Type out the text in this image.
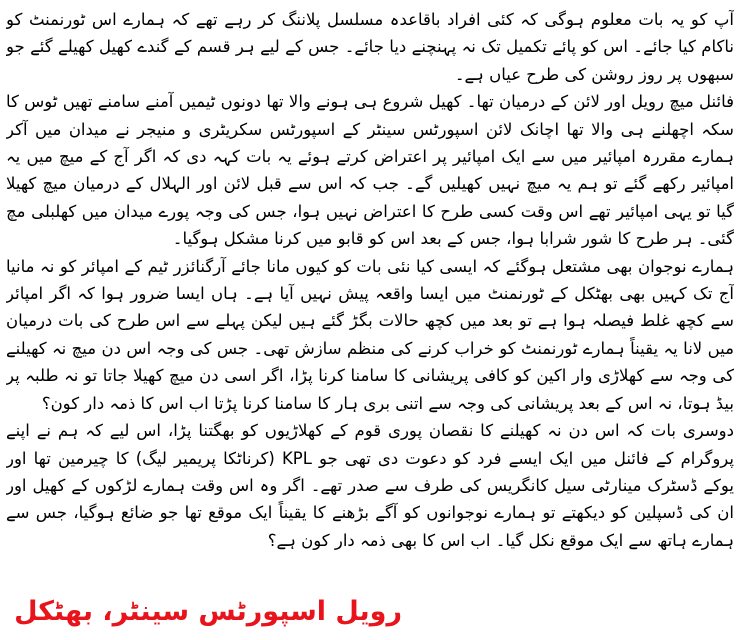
آپ کو یہ بات معلوم ہوگی کہ کئی افراد باقاعدہ مسلسل پلاننگ کر رہے تھے کہ ہمارے اس ٹورنمنٹ کو ناکام کیا جائے۔ اس کو پائے تکمیل تک نہ پہنچنے دیا جائے۔ جس کے لیے ہر قسم کے گندے کھیل کھیلے گئے جو سبھوں پر روز روشن کی طرح عیاں ہے۔

فائنل میچ رویل اور لائن کے درمیان تھا۔ کھیل شروع ہی ہونے والا تھا دونوں ٹیمیں آمنے سامنے تھیں ٹوس کا سکہ اچھلنے ہی والا تھا اچانک لائن اسپورٹس سینٹر کے اسپورٹس سکریٹری و منیجر نے میدان میں آکر ہمارے مقررہ امپائیر میں سے ایک امپائیر پر اعتراض کرتے ہوئے یہ بات کہہ دی کہ اگر آج کے میچ میں یہ امپائیر رکھے گئے تو ہم یہ میچ نہیں کھیلیں گے۔ جب کہ اس سے قبل لائن اور الہلال کے درمیان میچ کھیلا گیا تو یہی امپائیر تھے اس وقت کسی طرح کا اعتراض نہیں ہوا، جس کی وجہ پورے میدان میں کھلبلی مچ گئی۔ ہر طرح کا شور شرابا ہوا، جس کے بعد اس کو قابو میں کرنا مشکل ہوگیا۔

ہمارے نوجوان بھی مشتعل ہوگئے کہ ایسی کیا نئی بات کو کیوں مانا جائے آرگنائزر ٹیم کے امپائر کو نہ مانیا آج تک کہیں بھی بھٹکل کے ٹورنمنٹ میں ایسا واقعہ پیش نہیں آیا ہے۔ ہاں ایسا ضرور ہوا کہ اگر امپائر سے کچھ غلط فیصلہ ہوا ہے تو بعد میں کچھ حالات بگڑ گئے ہیں لیکن پہلے سے اس طرح کی بات درمیان میں لانا یہ یقیناً ہمارے ٹورنمنٹ کو خراب کرنے کی منظم سازش تھی۔ جس کی وجہ اس دن میچ نہ کھیلنے کی وجہ سے کھلاڑی وار اکین کو کافی پریشانی کا سامنا کرنا پڑا، اگر اسی دن میچ کھیلا جاتا تو نہ طلبہ پر بیڈ ہوتا، نہ اس کے بعد پریشانی کی وجہ سے اتنی بری ہار کا سامنا کرنا پڑتا اب اس کا ذمہ دار کون؟

دوسری بات کہ اس دن نہ کھیلنے کا نقصان پوری قوم کے کھلاڑیوں کو بھگتنا پڑا، اس لیے کہ ہم نے اپنے پروگرام کے فائنل میں ایک ایسے فرد کو دعوت دی تھی جو KPL (کرناٹکا پریمیر لیگ) کا چیرمین تھا اور یوکے ڈسٹرک مینارٹی سیل کانگریس کی طرف سے صدر تھے۔ اگر وہ اس وقت ہمارے لڑکوں کے کھیل اور ان کی ڈسپلین کو دیکھتے تو ہمارے نوجوانوں کو آگے بڑھنے کا یقیناً ایک موقع تھا جو ضائع ہوگیا، جس سے ہمارے ہاتھ سے ایک موقع نکل گیا۔ اب اس کا بھی ذمہ دار کون ہے؟

رویل اسپورٹس سینٹر، بھٹکل
